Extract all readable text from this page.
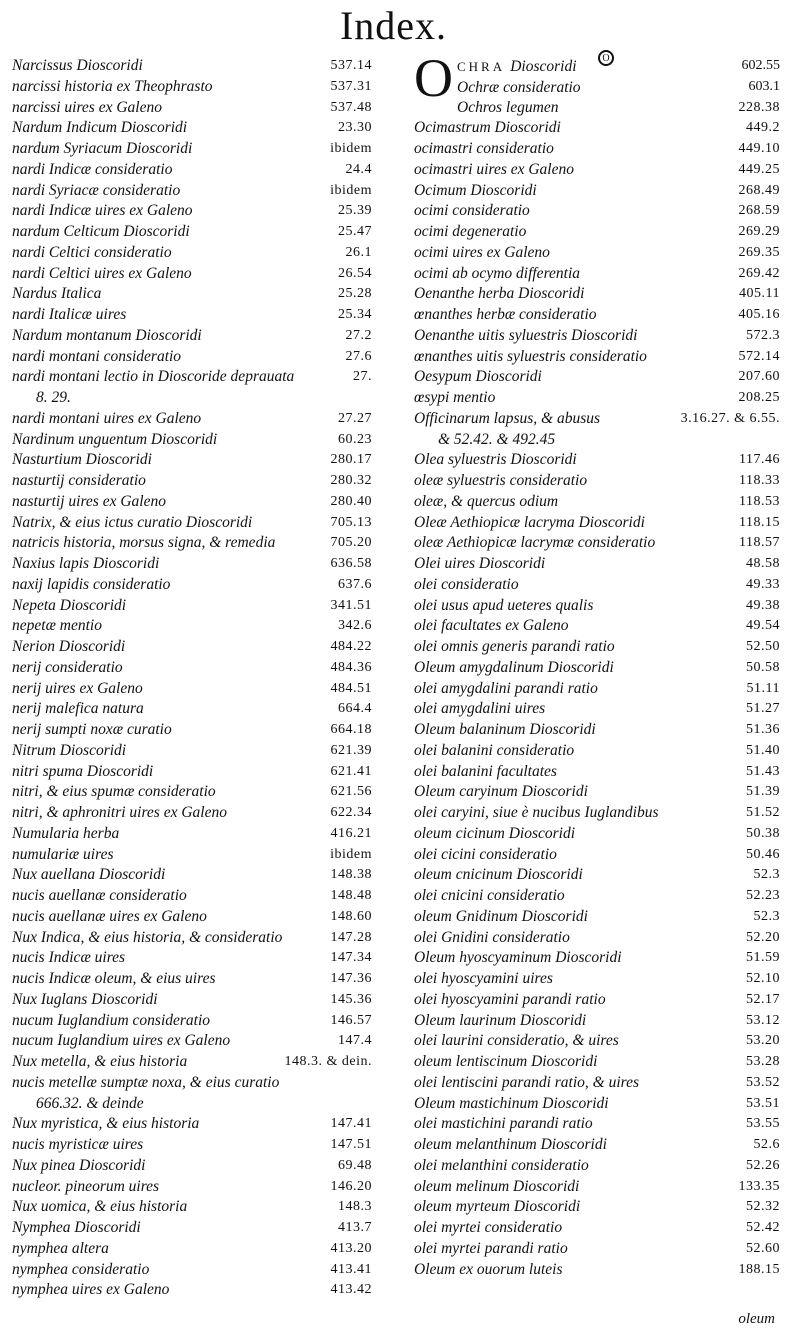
Index.
O
Narcissus Dioscoridi	537.14
narcissi historia ex Theophrasto	537.31
narcissi uires ex Galeno	537.48
Nardum Indicum Dioscoridi	23.30
nardum Syriacum Dioscoridi	ibidem
nardi Indicæ consideratio	24.4
nardi Syriacæ consideratio	ibidem
nardi Indicæ uires ex Galeno	25.39
nardum Celticum Dioscoridi	25.47
nardi Celtici consideratio	26.1
nardi Celtici uires ex Galeno	26.54
Nardus Italica	25.28
nardi Italicæ uires	25.34
Nardum montanum Dioscoridi	27.2
nardi montani consideratio	27.6
nardi montani lectio in Dioscoride deprauata	27.
8. 29.
nardi montani uires ex Galeno	27.27
Nardinum unguentum Dioscoridi	60.23
Nasturtium Dioscoridi	280.17
nasturtij consideratio	280.32
nasturtij uires ex Galeno	280.40
Natrix, & eius ictus curatio Dioscoridi	705.13
natricis historia, morsus signa, & remedia	705.20
Naxius lapis Dioscoridi	636.58
naxij lapidis consideratio	637.6
Nepeta Dioscoridi	341.51
nepetæ mentio	342.6
Nerion Dioscoridi	484.22
nerij consideratio	484.36
nerij uires ex Galeno	484.51
nerij malefica natura	664.4
nerij sumpti noxæ curatio	664.18
Nitrum Dioscoridi	621.39
nitri spuma Dioscoridi	621.41
nitri, & eius spumæ consideratio	621.56
nitri, & aphronitri uires ex Galeno	622.34
Numularia herba	416.21
numulariæ uires	ibidem
Nux auellana Dioscoridi	148.38
nucis auellanæ consideratio	148.48
nucis auellanæ uires ex Galeno	148.60
Nux Indica, & eius historia, & consideratio	147.28
nucis Indicæ uires	147.34
nucis Indicæ oleum, & eius uires	147.36
Nux Iuglans Dioscoridi	145.36
nucum Iuglandium consideratio	146.57
nucum Iuglandium uires ex Galeno	147.4
Nux metella, & eius historia	148.3. & dein.
nucis metellæ sumptæ noxa, & eius curatio
666.32. & deinde
Nux myristica, & eius historia	147.41
nucis myristicæ uires	147.51
Nux pinea Dioscoridi	69.48
nucleor. pineorum uires	146.20
Nux uomica, & eius historia	148.3
Nymphea Dioscoridi	413.7
nymphea altera	413.20
nymphea consideratio	413.41
nymphea uires ex Galeno	413.42
O CHRA Dioscoridi	602.55
Ochræ consideratio	603.1
Ochros legumen	228.38
Ocimastrum Dioscoridi	449.2
ocimastri consideratio	449.10
ocimastri uires ex Galeno	449.25
Ocimum Dioscoridi	268.49
ocimi consideratio	268.59
ocimi degeneratio	269.29
ocimi uires ex Galeno	269.35
ocimi ab ocymo differentia	269.42
Oenanthe herba Dioscoridi	405.11
œnanthes herbæ consideratio	405.16
Oenanthe uitis syluestris Dioscoridi	572.3
œnanthes uitis syluestris consideratio	572.14
Oesypum Dioscoridi	207.60
œsypi mentio	208.25
Officinarum lapsus, & abusus	3.16.27. & 6.55.
& 52.42. & 492.45
Olea syluestris Dioscoridi	117.46
oleæ syluestris consideratio	118.33
oleæ, & quercus odium	118.53
Oleæ Aethiopicæ lacryma Dioscoridi	118.15
oleæ Aethiopicæ lacrymæ consideratio	118.57
Olei uires Dioscoridi	48.58
olei consideratio	49.33
olei usus apud ueteres qualis	49.38
olei facultates ex Galeno	49.54
olei omnis generis parandi ratio	52.50
Oleum amygdalinum Dioscoridi	50.58
olei amygdalini parandi ratio	51.11
olei amygdalini uires	51.27
Oleum balaninum Dioscoridi	51.36
olei balanini consideratio	51.40
olei balanini facultates	51.43
Oleum caryinum Dioscoridi	51.39
olei caryini, siue è nucibus Iuglandibus	51.52
oleum cicinum Dioscoridi	50.38
olei cicini consideratio	50.46
oleum cnicinum Dioscoridi	52.3
olei cnicini consideratio	52.23
oleum Gnidinum Dioscoridi	52.3
olei Gnidini consideratio	52.20
Oleum hyoscyaminum Dioscoridi	51.59
olei hyoscyamini uires	52.10
olei hyoscyamini parandi ratio	52.17
Oleum laurinum Dioscoridi	53.12
olei laurini consideratio, & uires	53.20
oleum lentiscinum Dioscoridi	53.28
olei lentiscini parandi ratio, & uires	53.52
Oleum mastichinum Dioscoridi	53.51
olei mastichini parandi ratio	53.55
oleum melanthinum Dioscoridi	52.6
olei melanthini consideratio	52.26
oleum melinum Dioscoridi	133.35
oleum myrteum Dioscoridi	52.32
olei myrtei consideratio	52.42
olei myrtei parandi ratio	52.60
Oleum ex ouorum luteis	188.15
oleum
